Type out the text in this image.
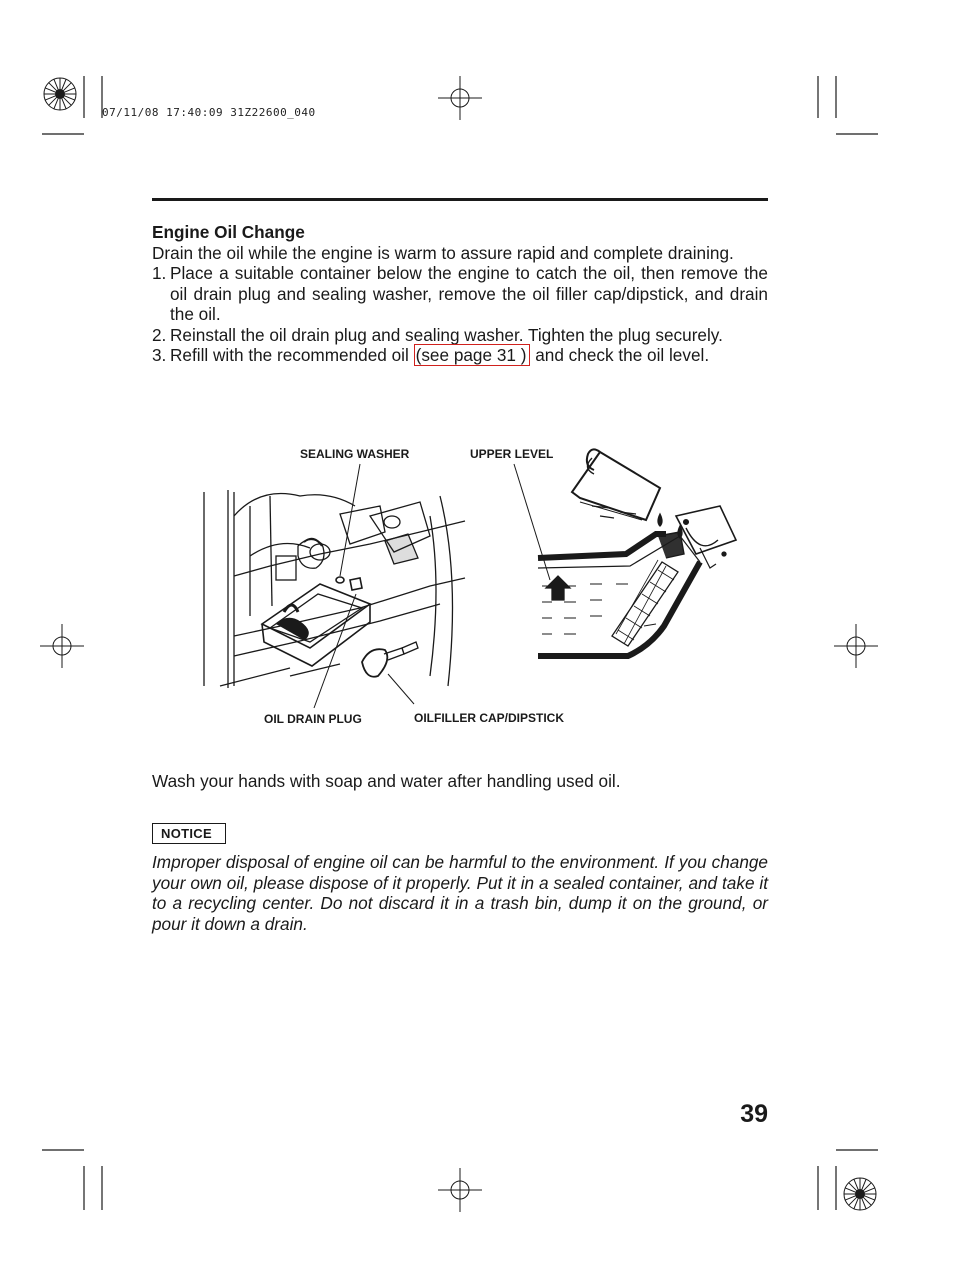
07/11/08 17:40:09 31Z22600_040

Engine Oil Change

Drain the oil while the engine is warm to assure rapid and complete draining.

1. Place a suitable container below the engine to catch the oil, then remove the oil drain plug and sealing washer, remove the oil filler cap/dipstick, and drain the oil.
2. Reinstall the oil drain plug and sealing washer. Tighten the plug securely.
3. Refill with the recommended oil (see page 31 ) and check the oil level.
SEALING WASHER	UPPER LEVEL
OIL DRAIN PLUG	OILFILLER CAP/DIPSTICK
Wash your hands with soap and water after handling used oil.
NOTICE

Improper disposal of engine oil can be harmful to the environment. If you change your own oil, please dispose of it properly. Put it in a sealed container, and take it to a recycling center. Do not discard it in a trash bin, dump it on the ground, or pour it down a drain.

39
